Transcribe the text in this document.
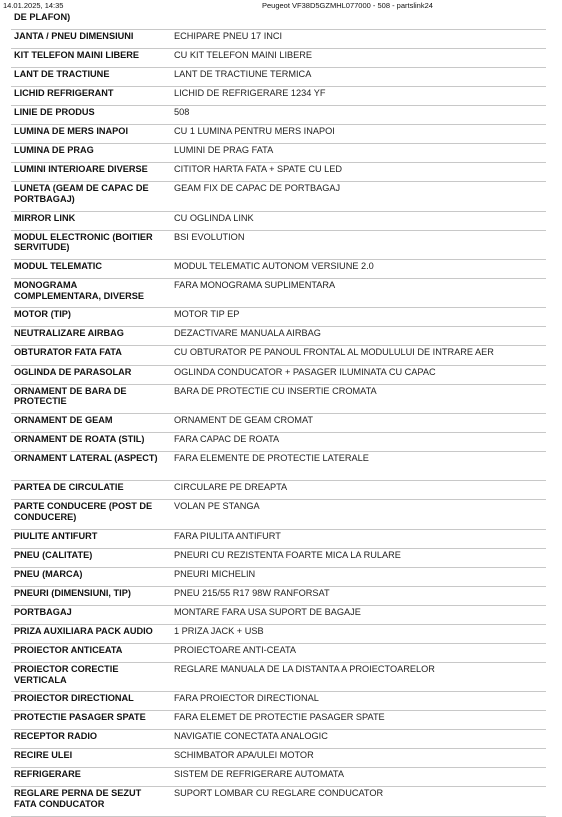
14.01.2025, 14:35	Peugeot VF38D5GZMHL077000 - 508 - partslink24
DE PLAFON)	
JANTA / PNEU DIMENSIUNI	ECHIPARE PNEU 17 INCI
KIT TELEFON MAINI LIBERE	CU KIT TELEFON MAINI LIBERE
LANT DE TRACTIUNE	LANT DE TRACTIUNE TERMICA
LICHID REFRIGERANT	LICHID DE REFRIGERARE 1234 YF
LINIE DE PRODUS	508
LUMINA DE MERS INAPOI	CU 1 LUMINA PENTRU MERS INAPOI
LUMINA DE PRAG	LUMINI DE PRAG FATA
LUMINI INTERIOARE DIVERSE	CITITOR HARTA FATA + SPATE CU LED
LUNETA (GEAM DE CAPAC DE PORTBAGAJ)	GEAM FIX DE CAPAC DE PORTBAGAJ
MIRROR LINK	CU OGLINDA LINK
MODUL ELECTRONIC (BOITIER SERVITUDE)	BSI EVOLUTION
MODUL TELEMATIC	MODUL TELEMATIC AUTONOM VERSIUNE 2.0
MONOGRAMA COMPLEMENTARA, DIVERSE	FARA MONOGRAMA SUPLIMENTARA
MOTOR (TIP)	MOTOR TIP EP
NEUTRALIZARE AIRBAG	DEZACTIVARE MANUALA AIRBAG
OBTURATOR FATA FATA	CU OBTURATOR PE PANOUL FRONTAL AL MODULULUI DE INTRARE AER
OGLINDA DE PARASOLAR	OGLINDA CONDUCATOR + PASAGER ILUMINATA CU CAPAC
ORNAMENT DE BARA DE PROTECTIE	BARA DE PROTECTIE CU INSERTIE CROMATA
ORNAMENT DE GEAM	ORNAMENT DE GEAM CROMAT
ORNAMENT DE ROATA (STIL)	FARA CAPAC DE ROATA
ORNAMENT LATERAL (ASPECT)	FARA ELEMENTE DE PROTECTIE LATERALE
PARTEA DE CIRCULATIE	CIRCULARE PE DREAPTA
PARTE CONDUCERE (POST DE CONDUCERE)	VOLAN PE STANGA
PIULITE ANTIFURT	FARA PIULITA ANTIFURT
PNEU (CALITATE)	PNEURI CU REZISTENTA FOARTE MICA LA RULARE
PNEU (MARCA)	PNEURI MICHELIN
PNEURI (DIMENSIUNI, TIP)	PNEU 215/55 R17 98W RANFORSAT
PORTBAGAJ	MONTARE FARA USA SUPORT DE BAGAJE
PRIZA AUXILIARA PACK AUDIO	1 PRIZA JACK + USB
PROIECTOR ANTICEATA	PROIECTOARE ANTI-CEATA
PROIECTOR CORECTIE VERTICALA	REGLARE MANUALA DE LA DISTANTA A PROIECTOARELOR
PROIECTOR DIRECTIONAL	FARA PROIECTOR DIRECTIONAL
PROTECTIE PASAGER SPATE	FARA ELEMET DE PROTECTIE PASAGER SPATE
RECEPTOR RADIO	NAVIGATIE CONECTATA ANALOGIC
RECIRE ULEI	SCHIMBATOR APA/ULEI MOTOR
REFRIGERARE	SISTEM DE REFRIGERARE AUTOMATA
REGLARE PERNA DE SEZUT FATA CONDUCATOR	SUPORT LOMBAR CU REGLARE CONDUCATOR
